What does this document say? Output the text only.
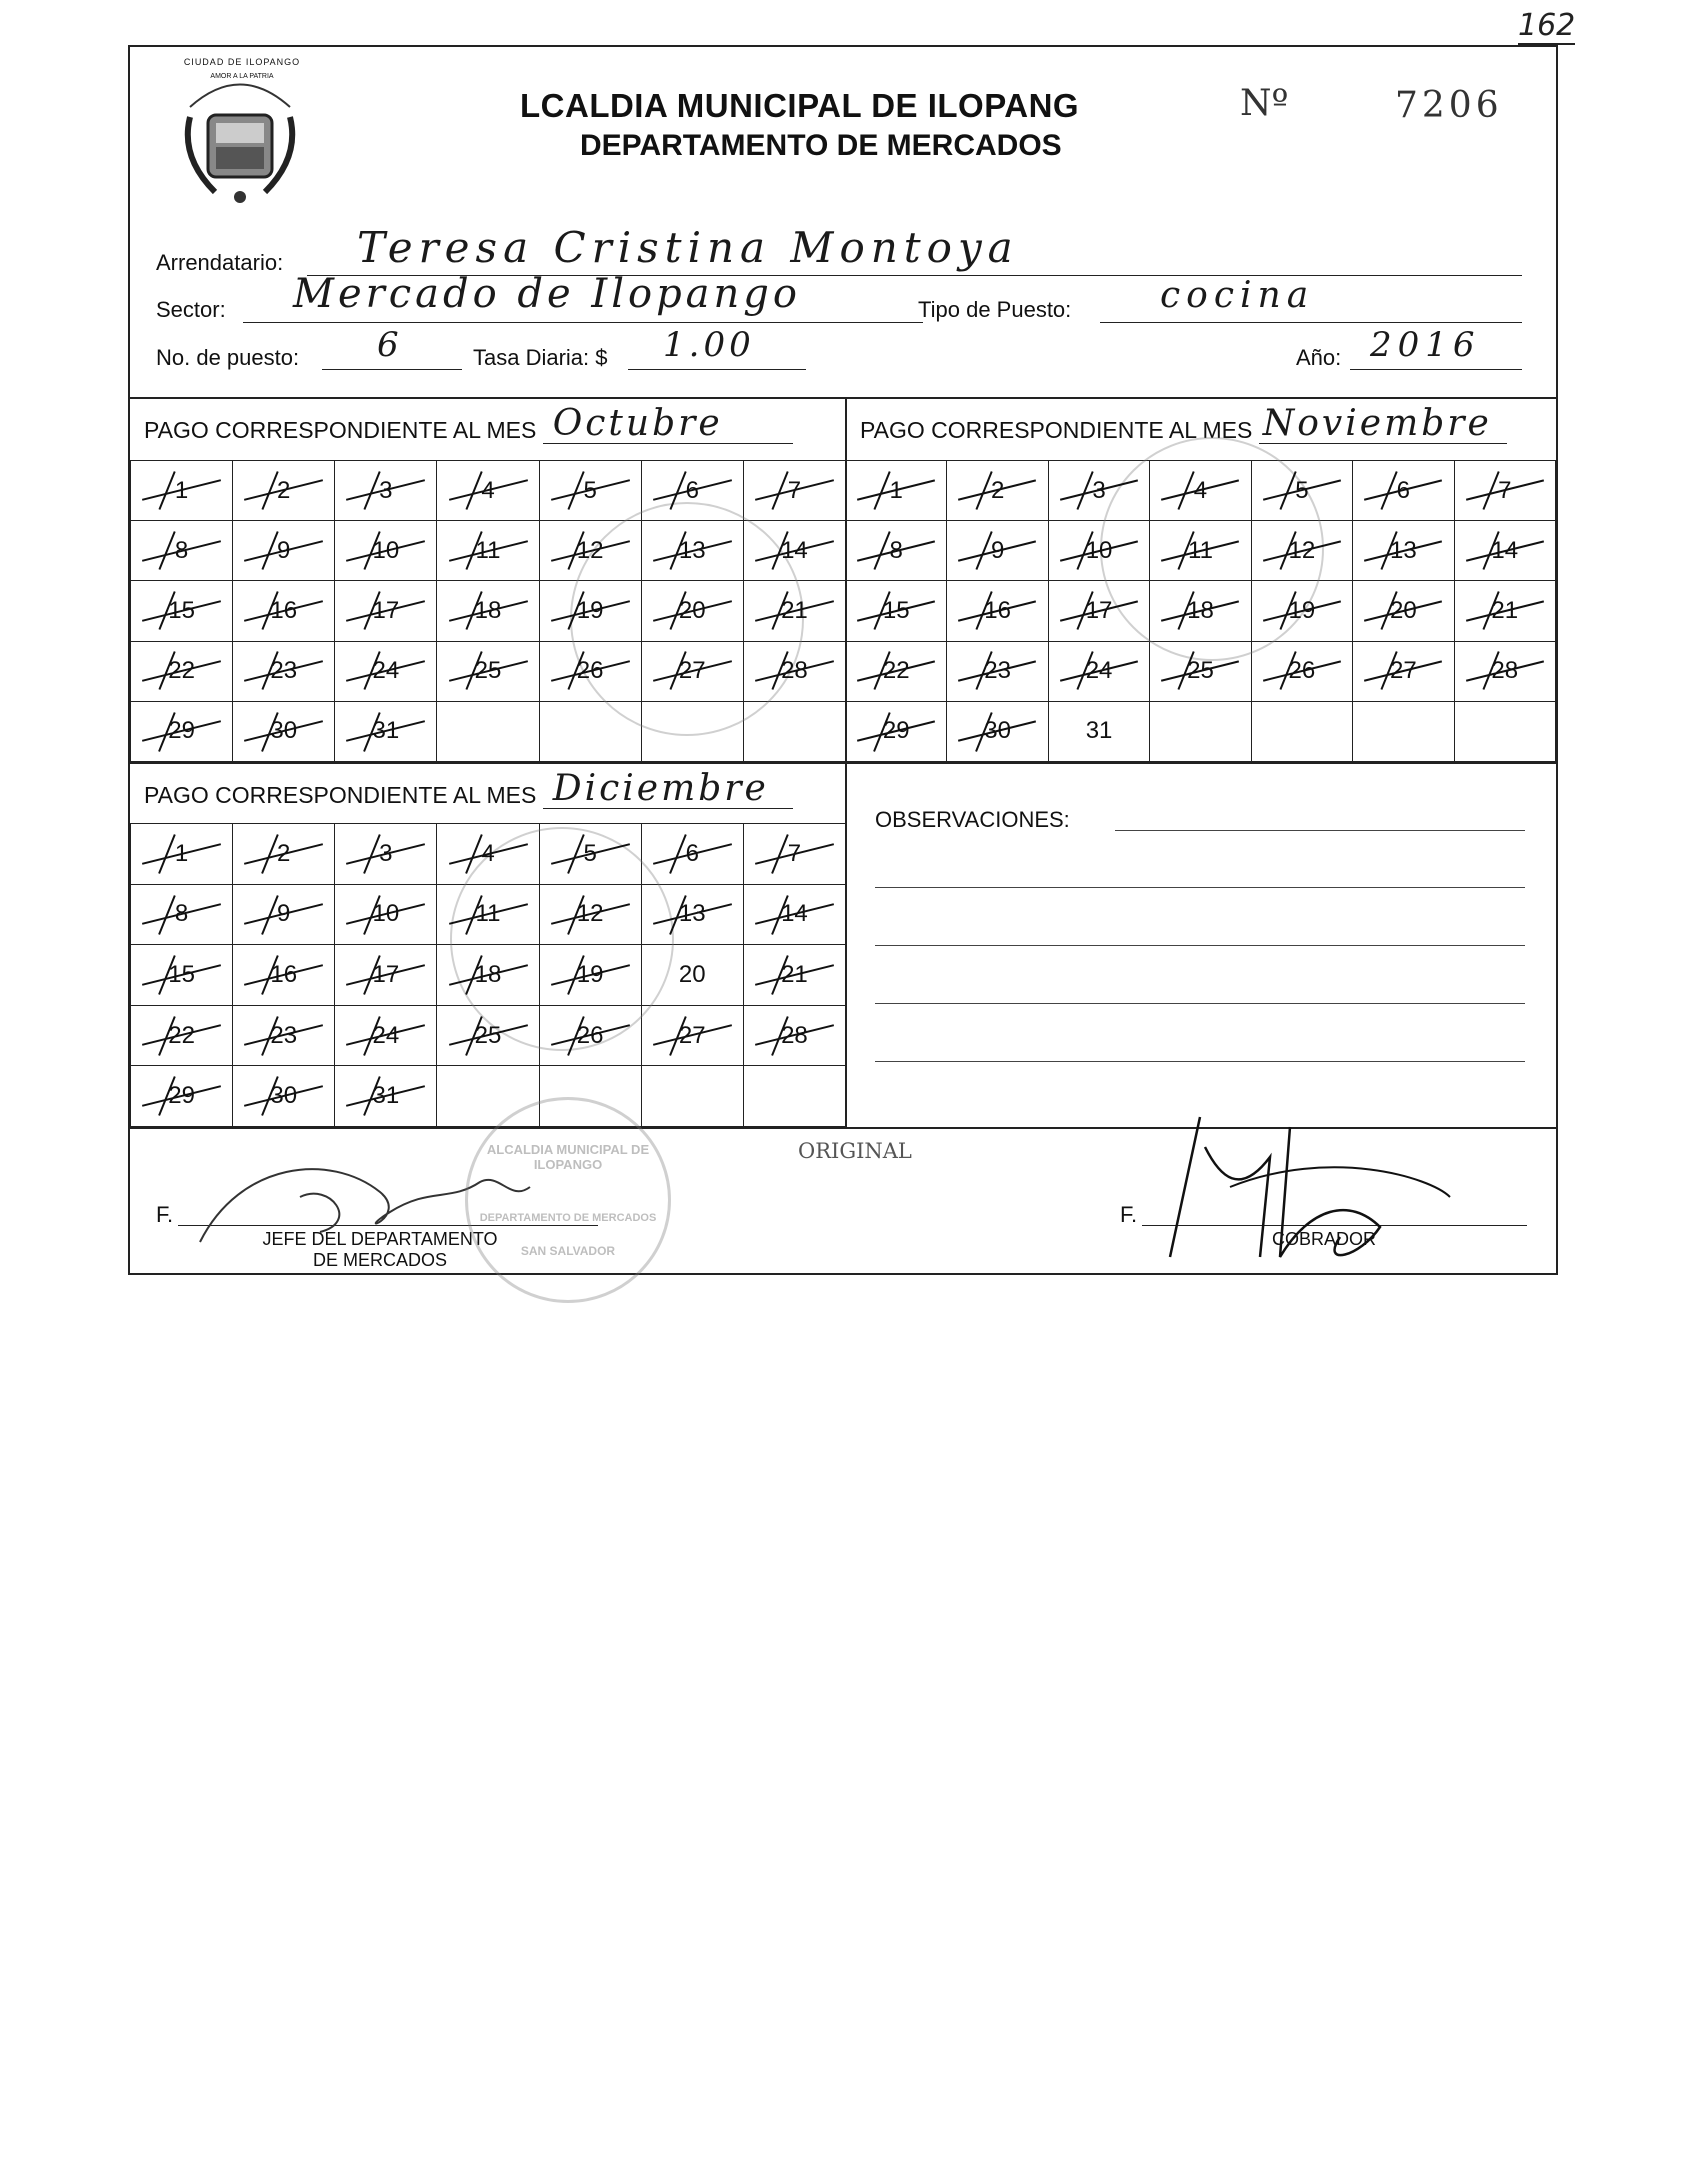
162
CIUDAD DE ILOPANGO
AMOR A LA PATRIA
LCALDIA MUNICIPAL DE ILOPANG
DEPARTAMENTO DE MERCADOS
Nº	7206
Arrendatario: Teresa Cristina Montoya
Sector: Mercado de Ilopango	Tipo de Puesto: cocina
No. de puesto: 6	Tasa Diaria: $ 1.00	Año: 2016
PAGO CORRESPONDIENTE AL MES Octubre	PAGO CORRESPONDIENTE AL MES Noviembre
PAGO CORRESPONDIENTE AL MES Diciembre
1	2	3	4	5	6	7

8	9	10	11	12	13	14

15	16	17	18	19	20	21

22	23	24	25	26	27	28

29	30	31

1	2	3	4	5	6	7

8	9	10	11	12	13	14

15	16	17	18	19	20	21

22	23	24	25	26	27	28

29	30	31				
1	2	3	4	5	6	7

8	9	10	11	12	13	14

15	16	17	18	19	20	21

22	23	24	25	26	27	28

29	30	31

OBSERVACIONES:
ORIGINAL
F.
JEFE DEL DEPARTAMENTO
DE MERCADOS
F.
COBRADOR
ALCALDIA MUNICIPAL DE ILOPANGO
DEPARTAMENTO DE MERCADOS
SAN SALVADOR
